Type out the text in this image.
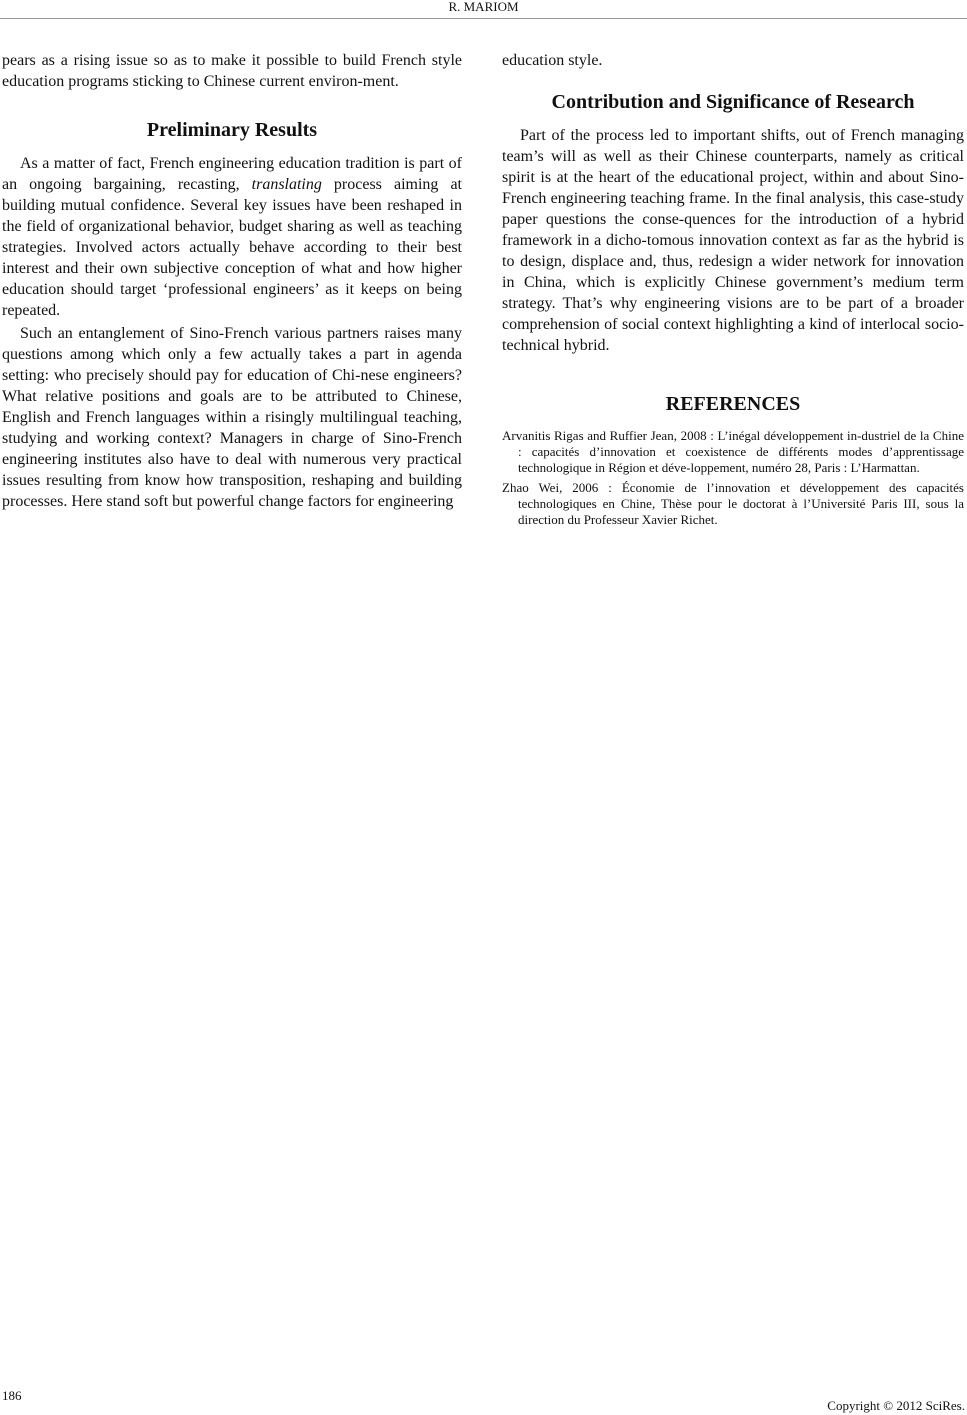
R. MARIOM

pears as a rising issue so as to make it possible to build French style education programs sticking to Chinese current environ-ment.

Preliminary Results

As a matter of fact, French engineering education tradition is part of an ongoing bargaining, recasting, translating process aiming at building mutual confidence. Several key issues have been reshaped in the field of organizational behavior, budget sharing as well as teaching strategies. Involved actors actually behave according to their best interest and their own subjective conception of what and how higher education should target ‘professional engineers’ as it keeps on being repeated.

Such an entanglement of Sino-French various partners raises many questions among which only a few actually takes a part in agenda setting: who precisely should pay for education of Chi-nese engineers? What relative positions and goals are to be attributed to Chinese, English and French languages within a risingly multilingual teaching, studying and working context? Managers in charge of Sino-French engineering institutes also have to deal with numerous very practical issues resulting from know how transposition, reshaping and building processes. Here stand soft but powerful change factors for engineering

education style.

Contribution and Significance of Research

Part of the process led to important shifts, out of French managing team’s will as well as their Chinese counterparts, namely as critical spirit is at the heart of the educational project, within and about Sino-French engineering teaching frame. In the final analysis, this case-study paper questions the conse-quences for the introduction of a hybrid framework in a dicho-tomous innovation context as far as the hybrid is to design, displace and, thus, redesign a wider network for innovation in China, which is explicitly Chinese government’s medium term strategy. That’s why engineering visions are to be part of a broader comprehension of social context highlighting a kind of interlocal socio-technical hybrid.

REFERENCES

Arvanitis Rigas and Ruffier Jean, 2008 : L’inégal développement in-dustriel de la Chine : capacités d’innovation et coexistence de différents modes d’apprentissage technologique in Région et déve-loppement, numéro 28, Paris : L’Harmattan.

Zhao Wei, 2006 : Économie de l’innovation et développement des capacités technologiques en Chine, Thèse pour le doctorat à l’Université Paris III, sous la direction du Professeur Xavier Richet.

186
Copyright © 2012 SciRes.
